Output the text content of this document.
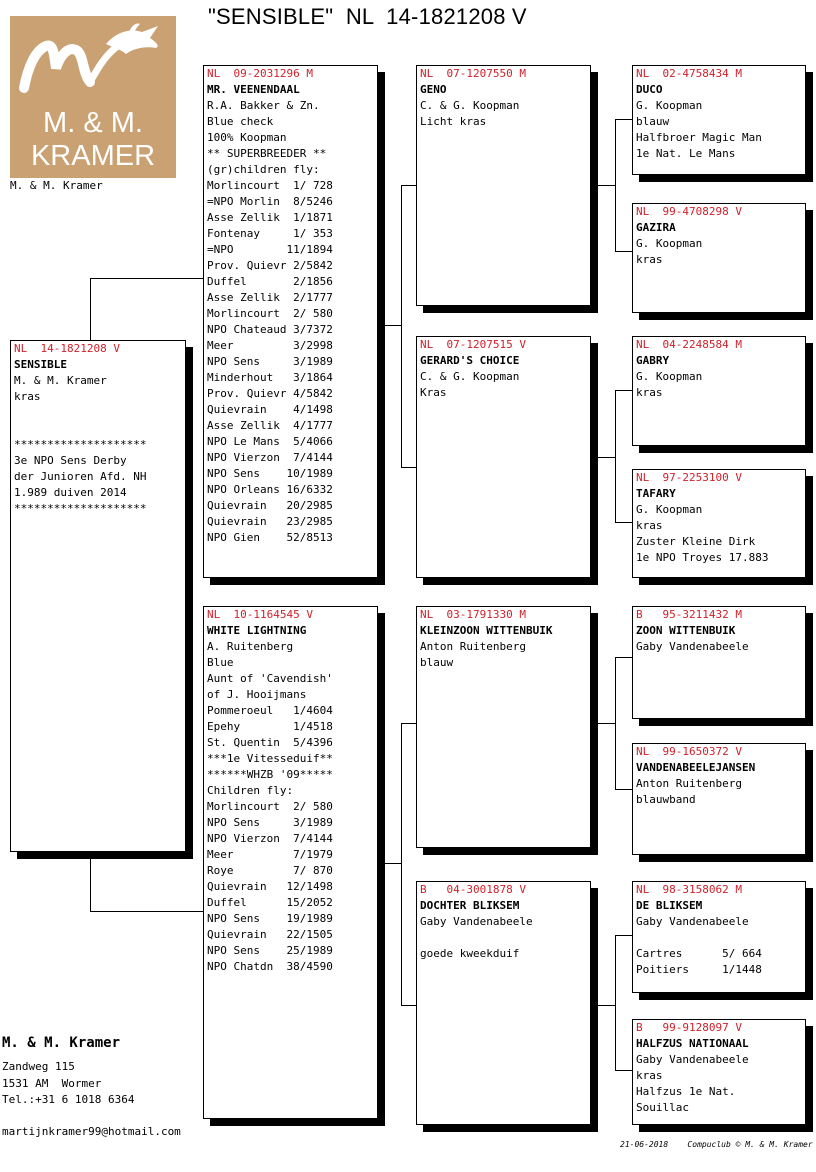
"SENSIBLE"  NL  14-1821208 V
M. & M.
KRAMER
M. & M. Kramer
NL  14-1821208 V
SENSIBLE
M. & M. Kramer
kras
********************
3e NPO Sens Derby
der Junioren Afd. NH
1.989 duiven 2014
********************
NL  09-2031296 M
MR. VEENENDAAL
R.A. Bakker & Zn.
Blue check
100% Koopman
** SUPERBREEDER **
(gr)children fly:
Morlincourt  1/ 728
=NPO Morlin  8/5246
Asse Zellik  1/1871
Fontenay     1/ 353
=NPO        11/1894
Prov. Quievr 2/5842
Duffel       2/1856
Asse Zellik  2/1777
Morlincourt  2/ 580
NPO Chateaud 3/7372
Meer         3/2998
NPO Sens     3/1989
Minderhout   3/1864
Prov. Quievr 4/5842
Quievrain    4/1498
Asse Zellik  4/1777
NPO Le Mans  5/4066
NPO Vierzon  7/4144
NPO Sens    10/1989
NPO Orleans 16/6332
Quievrain   20/2985
Quievrain   23/2985
NPO Gien    52/8513
NL  10-1164545 V
WHITE LIGHTNING
A. Ruitenberg
Blue
Aunt of 'Cavendish'
of J. Hooijmans
Pommeroeul   1/4604
Epehy        1/4518
St. Quentin  5/4396
***1e Vitesseduif**
******WHZB '09*****
Children fly:
Morlincourt  2/ 580
NPO Sens     3/1989
NPO Vierzon  7/4144
Meer         7/1979
Roye         7/ 870
Quievrain   12/1498
Duffel      15/2052
NPO Sens    19/1989
Quievrain   22/1505
NPO Sens    25/1989
NPO Chatdn  38/4590
NL  07-1207550 M
GENO
C. & G. Koopman
Licht kras
NL  07-1207515 V
GERARD'S CHOICE
C. & G. Koopman
Kras
NL  03-1791330 M
KLEINZOON WITTENBUIK
Anton Ruitenberg
blauw
B   04-3001878 V
DOCHTER BLIKSEM
Gaby Vandenabeele
goede kweekduif
NL  02-4758434 M
DUCO
G. Koopman
blauw
Halfbroer Magic Man
1e Nat. Le Mans
NL  99-4708298 V
GAZIRA
G. Koopman
kras
NL  04-2248584 M
GABRY
G. Koopman
kras
NL  97-2253100 V
TAFARY
G. Koopman
kras
Zuster Kleine Dirk
1e NPO Troyes 17.883
B   95-3211432 M
ZOON WITTENBUIK
Gaby Vandenabeele
NL  99-1650372 V
VANDENABEELEJANSEN
Anton Ruitenberg
blauwband
NL  98-3158062 M
DE BLIKSEM
Gaby Vandenabeele
Cartres      5/ 664
Poitiers     1/1448
B   99-9128097 V
HALFZUS NATIONAAL
Gaby Vandenabeele
kras
Halfzus 1e Nat.
Souillac
M. & M. Kramer
Zandweg 115
1531 AM  Wormer
Tel.:+31 6 1018 6364
martijnkramer99@hotmail.com
21-06-2018    Compuclub © M. & M. Kramer
